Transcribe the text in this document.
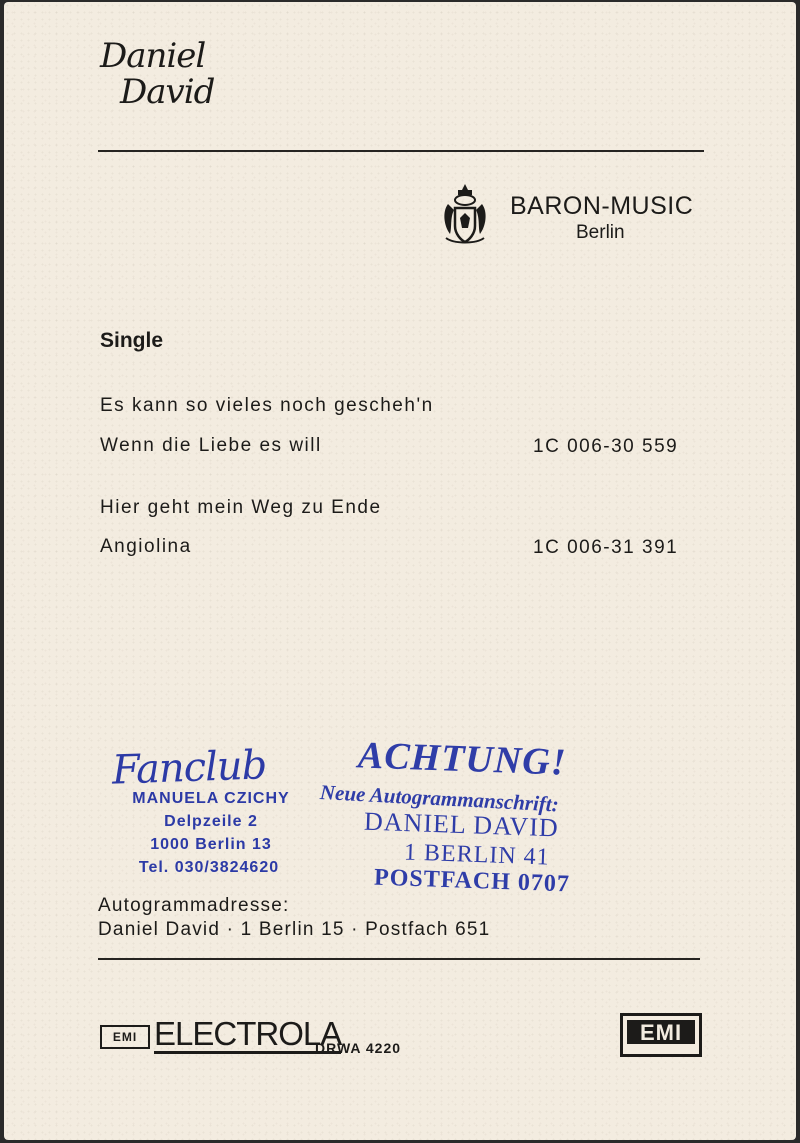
Daniel
David
BARON-MUSIC
Berlin
Single
Es kann so vieles noch gescheh'n
Wenn die Liebe es will	1C 006-30 559
Hier geht mein Weg zu Ende
Angiolina	1C 006-31 391
Fanclub
MANUELA CZICHY
Delpzeile 2
1000 Berlin 13
Tel. 030/3824620
ACHTUNG!
Neue Autogrammanschrift:
DANIEL DAVID
1 BERLIN 41
POSTFACH 0707
Autogrammadresse:
Daniel David · 1 Berlin 15 · Postfach 651
EMI ELECTROLA
DRWA 4220
EMI
